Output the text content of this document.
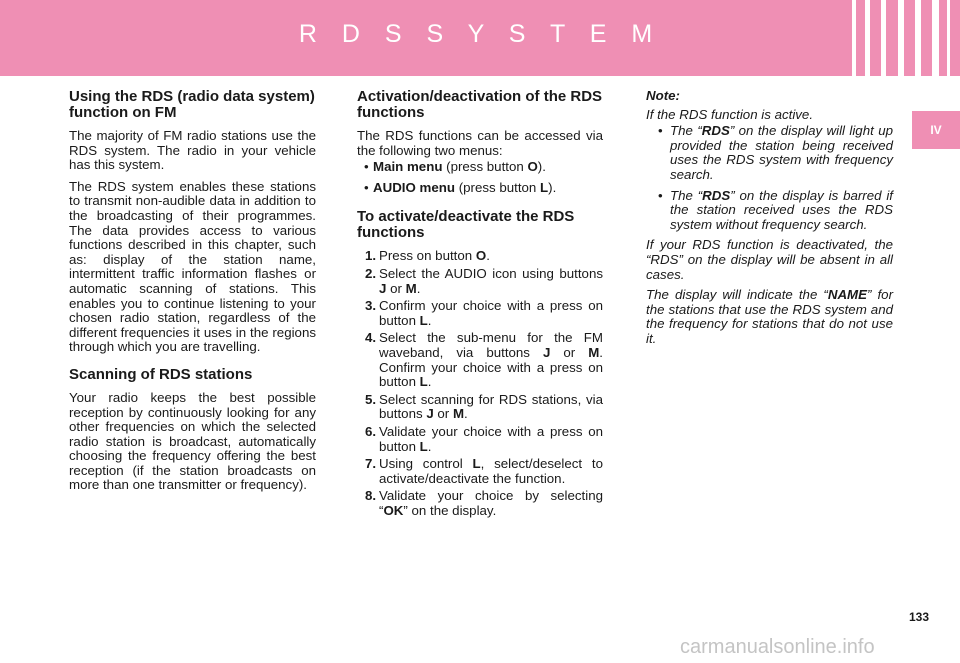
R D S S Y S T E M
IV
Using the RDS (radio data system) function on FM

The majority of FM radio stations use the RDS system. The radio in your vehicle has this system.

The RDS system enables these stations to transmit non-audible data in addition to the broadcasting of their programmes. The data provides access to various functions described in this chapter, such as: display of the station name, intermittent traffic information flashes or automatic scanning of stations. This enables you to continue listening to your chosen radio station, regardless of the different frequencies it uses in the regions through which you are travelling.

Scanning of RDS stations

Your radio keeps the best possible reception by continuously looking for any other frequencies on which the selected radio station is broadcast, automatically choosing the frequency offering the best reception (if the station broadcasts on more than one transmitter or frequency).

Activation/deactivation of the RDS functions

The RDS functions can be accessed via the following two menus:

• Main menu (press button O).
• AUDIO menu (press button L).
To activate/deactivate the RDS functions
1. Press on button O.
2. Select the AUDIO icon using buttons J or M.
3. Confirm your choice with a press on button L.
4. Select the sub-menu for the FM waveband, via buttons J or M. Confirm your choice with a press on button L.
5. Select scanning for RDS stations, via buttons J or M.
6. Validate your choice with a press on button L.
7. Using control L, select/deselect to activate/deactivate the function.
8. Validate your choice by selecting “OK” on the display.

Note:

If the RDS function is active.

• The “RDS” on the display will light up provided the station being received uses the RDS system with frequency search.
• The “RDS” on the display is barred if the station received uses the RDS system without frequency search.

If your RDS function is deactivated, the “RDS” on the display will be absent in all cases.

The display will indicate the “NAME” for the stations that use the RDS system and the frequency for stations that do not use it.

133
carmanualsonline.info
